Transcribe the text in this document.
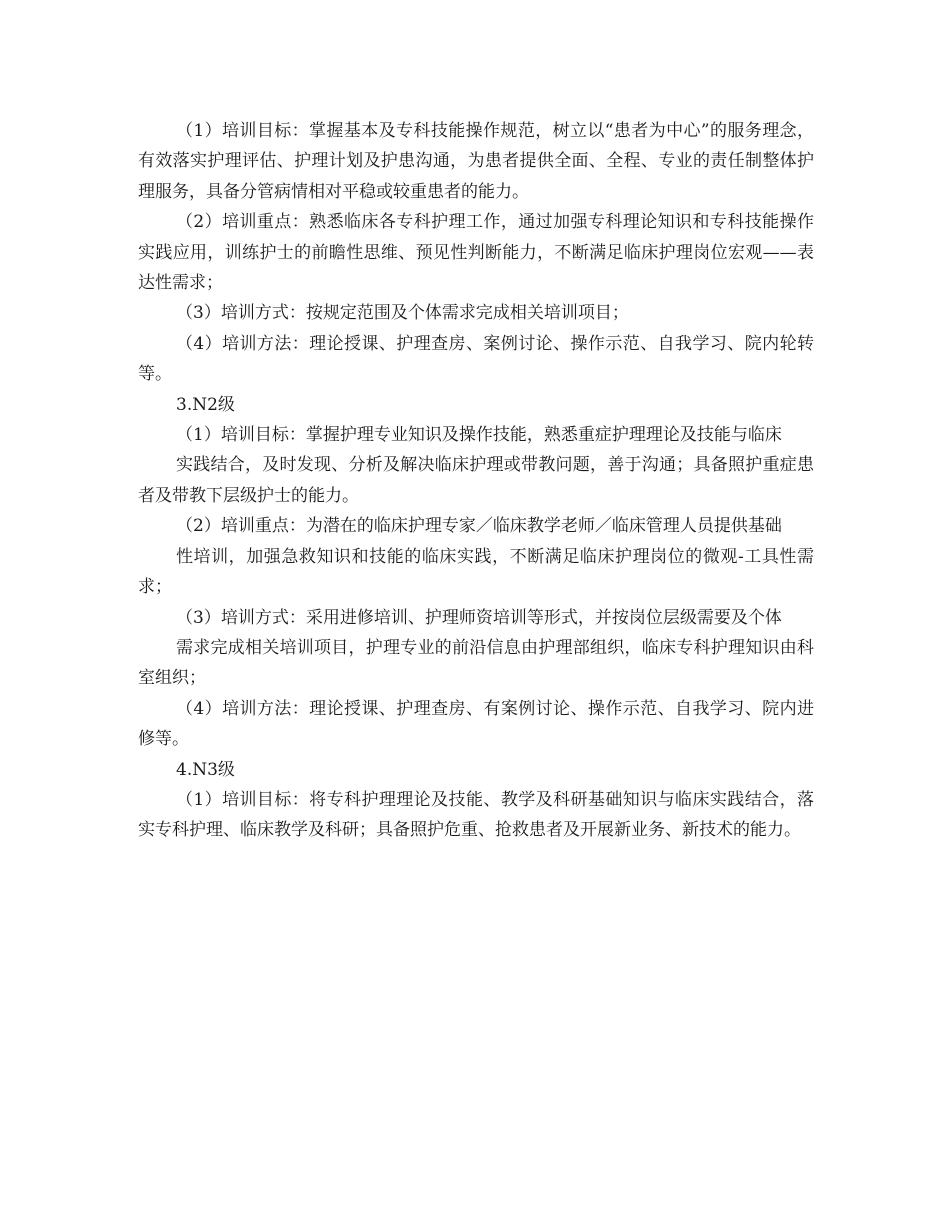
（1）培训目标：掌握基本及专科技能操作规范，树立以“患者为中心”的服务理念，有效落实护理评估、护理计划及护患沟通，为患者提供全面、全程、专业的责任制整体护理服务，具备分管病情相对平稳或较重患者的能力。

（2）培训重点：熟悉临床各专科护理工作，通过加强专科理论知识和专科技能操作实践应用，训练护士的前瞻性思维、预见性判断能力，不断满足临床护理岗位宏观——表达性需求；

（3）培训方式：按规定范围及个体需求完成相关培训项目；

（4）培训方法：理论授课、护理查房、案例讨论、操作示范、自我学习、院内轮转等。

3.N2级

（1）培训目标：掌握护理专业知识及操作技能，熟悉重症护理理论及技能与临床

实践结合，及时发现、分析及解决临床护理或带教问题，善于沟通；具备照护重症患者及带教下层级护士的能力。

（2）培训重点：为潜在的临床护理专家／临床教学老师／临床管理人员提供基础

性培训，加强急救知识和技能的临床实践，不断满足临床护理岗位的微观-工具性需求；

（3）培训方式：采用进修培训、护理师资培训等形式，并按岗位层级需要及个体

需求完成相关培训项目，护理专业的前沿信息由护理部组织，临床专科护理知识由科室组织；

（4）培训方法：理论授课、护理查房、有案例讨论、操作示范、自我学习、院内进修等。

4.N3级

（1）培训目标：将专科护理理论及技能、教学及科研基础知识与临床实践结合，落实专科护理、临床教学及科研；具备照护危重、抢救患者及开展新业务、新技术的能力。
